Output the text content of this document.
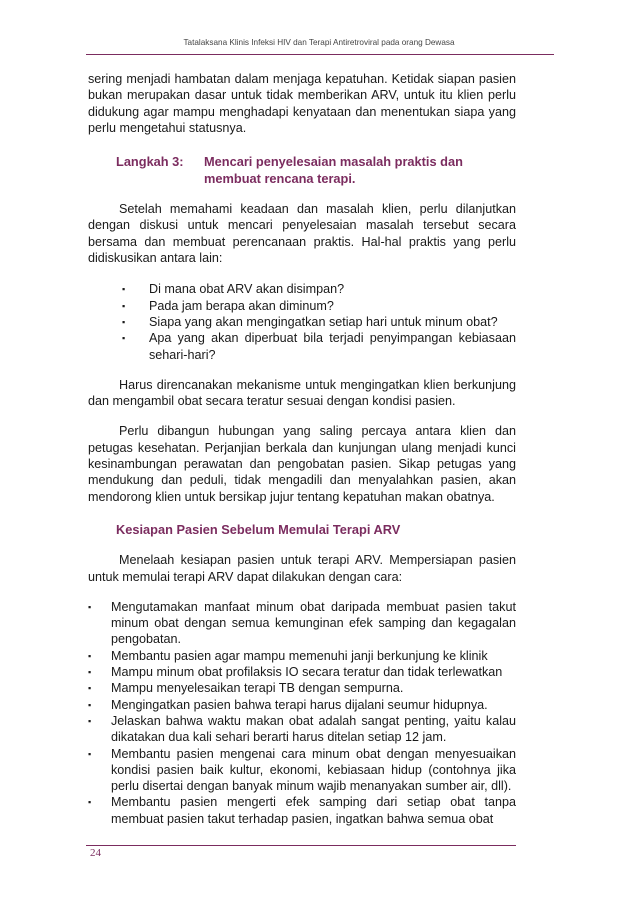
Tatalaksana Klinis Infeksi HIV dan Terapi Antiretroviral pada orang Dewasa

sering menjadi hambatan dalam menjaga kepatuhan. Ketidak siapan pasien bukan merupakan dasar untuk tidak memberikan ARV, untuk itu klien perlu didukung agar mampu menghadapi kenyataan dan menentukan siapa yang perlu mengetahui statusnya.

Langkah 3:	Mencari penyelesaian masalah praktis dan membuat rencana terapi.

Setelah memahami keadaan dan masalah klien, perlu dilanjutkan dengan diskusi untuk mencari penyelesaian masalah tersebut secara bersama dan membuat perencanaan praktis. Hal-hal praktis yang perlu didiskusikan antara lain:

▪ Di mana obat ARV akan disimpan?
▪ Pada jam berapa akan diminum?
▪ Siapa yang akan mengingatkan setiap hari untuk minum obat?
▪ Apa yang akan diperbuat bila terjadi penyimpangan kebiasaan sehari-hari?

Harus direncanakan mekanisme untuk mengingatkan klien berkunjung dan mengambil obat secara teratur sesuai dengan kondisi pasien.

Perlu dibangun hubungan yang saling percaya antara klien dan petugas kesehatan. Perjanjian berkala dan kunjungan ulang menjadi kunci kesinambungan perawatan dan pengobatan pasien. Sikap petugas yang mendukung dan peduli, tidak mengadili dan menyalahkan pasien, akan mendorong klien untuk bersikap jujur tentang kepatuhan makan obatnya.

Kesiapan Pasien Sebelum Memulai Terapi ARV

Menelaah kesiapan pasien untuk terapi ARV. Mempersiapan pasien untuk memulai terapi ARV dapat dilakukan dengan cara:

▪ Mengutamakan manfaat minum obat daripada membuat pasien takut minum obat dengan semua kemunginan efek samping dan kegagalan pengobatan.
▪ Membantu pasien agar mampu memenuhi janji berkunjung ke klinik
▪ Mampu minum obat profilaksis IO secara teratur dan tidak terlewatkan
▪ Mampu menyelesaikan terapi TB dengan sempurna.
▪ Mengingatkan pasien bahwa terapi harus dijalani seumur hidupnya.
▪ Jelaskan bahwa waktu makan obat adalah sangat penting, yaitu kalau dikatakan dua kali sehari berarti harus ditelan setiap 12 jam.
▪ Membantu pasien mengenai cara minum obat dengan menyesuaikan kondisi pasien baik kultur, ekonomi, kebiasaan hidup (contohnya jika perlu disertai dengan banyak minum wajib menanyakan sumber air, dll).
▪ Membantu pasien mengerti efek samping dari setiap obat tanpa membuat pasien takut terhadap pasien, ingatkan bahwa semua obat
24
